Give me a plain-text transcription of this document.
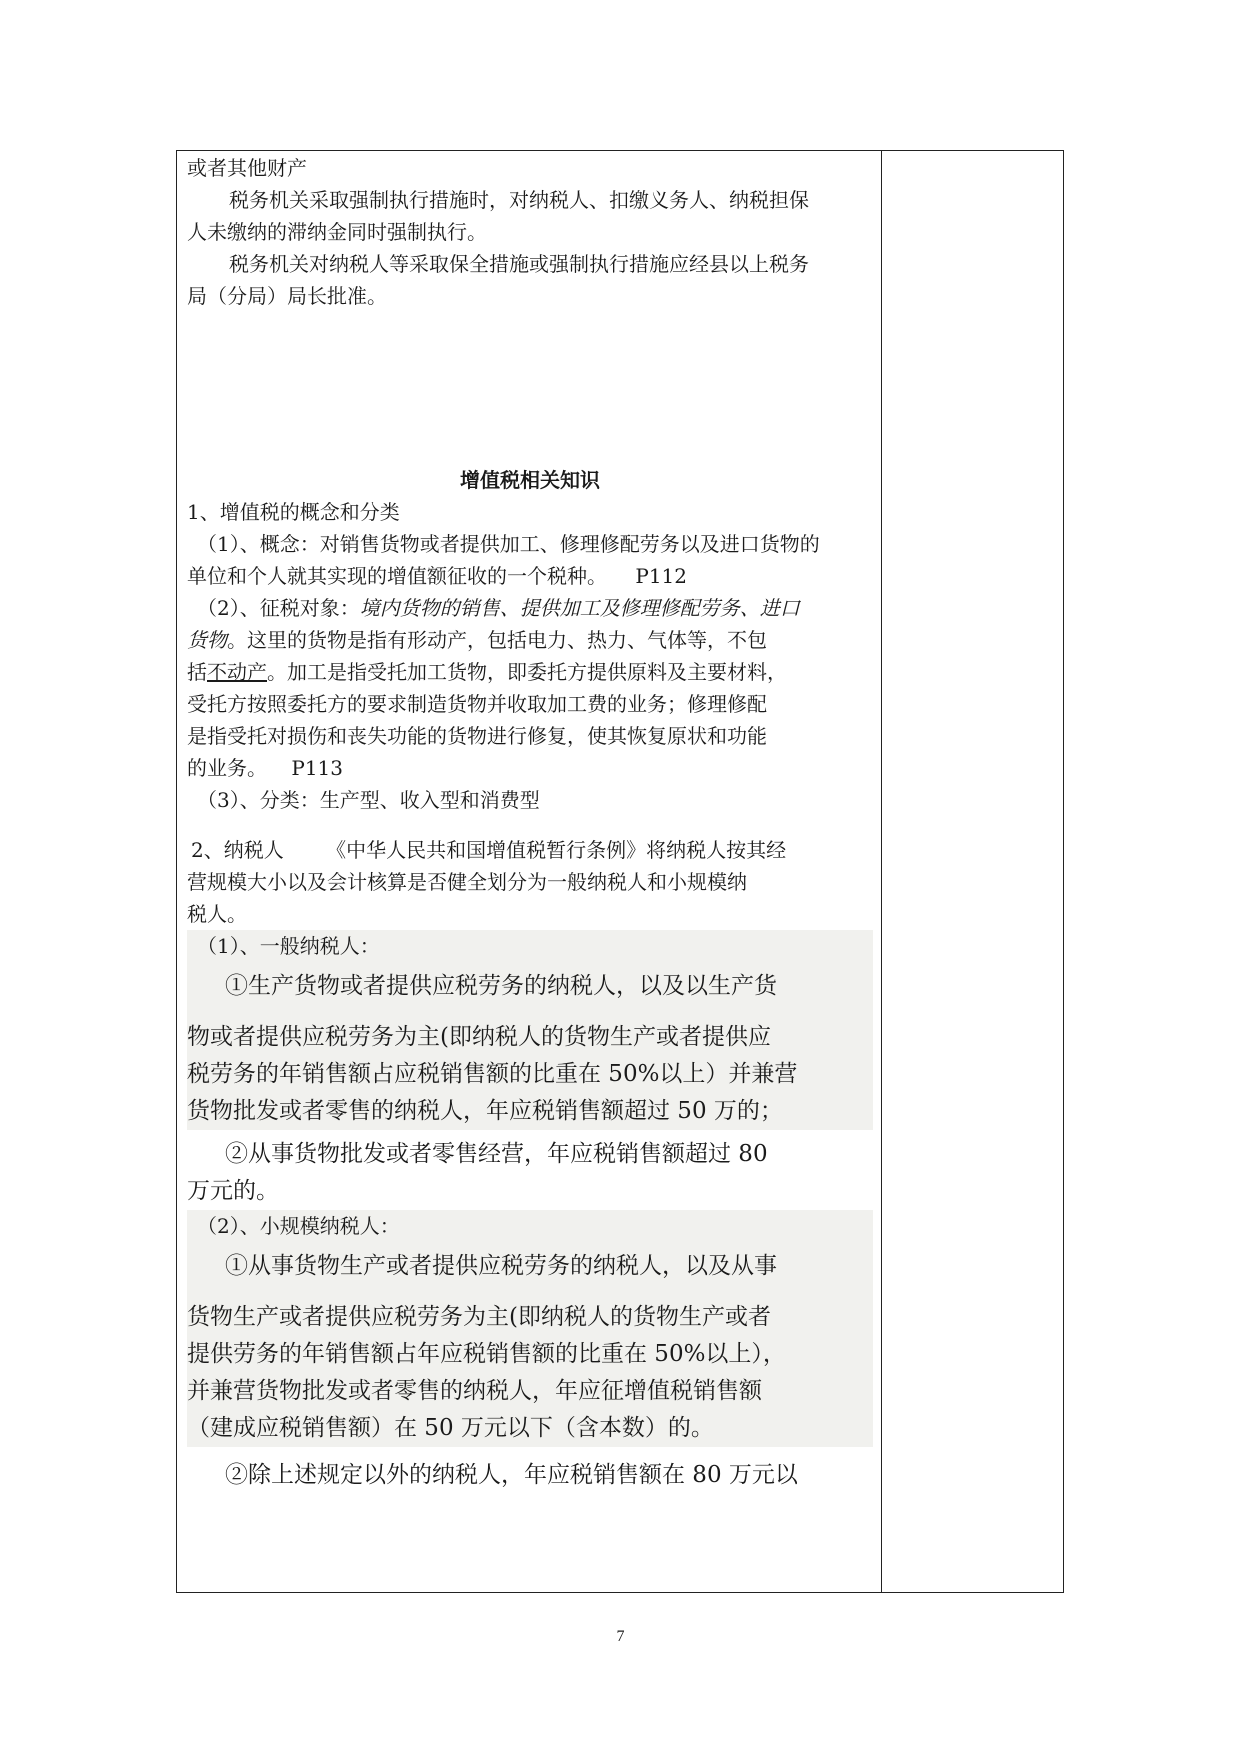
或者其他财产
税务机关采取强制执行措施时，对纳税人、扣缴义务人、纳税担保
人未缴纳的滞纳金同时强制执行。
税务机关对纳税人等采取保全措施或强制执行措施应经县以上税务
局（分局）局长批准。
增值税相关知识
1、增值税的概念和分类
（1）、概念：对销售货物或者提供加工、修理修配劳务以及进口货物的
单位和个人就其实现的增值额征收的一个税种。 P112
（2）、征税对象：境内货物的销售、提供加工及修理修配劳务、进口
货物。这里的货物是指有形动产，包括电力、热力、气体等，不包
括不动产。加工是指受托加工货物，即委托方提供原料及主要材料，
受托方按照委托方的要求制造货物并收取加工费的业务；修理修配
是指受托对损伤和丧失功能的货物进行修复，使其恢复原状和功能
的业务。 P113
（3）、分类：生产型、收入型和消费型
2、纳税人 《中华人民共和国增值税暂行条例》将纳税人按其经
营规模大小以及会计核算是否健全划分为一般纳税人和小规模纳
税人。
（1）、一般纳税人：
①生产货物或者提供应税劳务的纳税人，以及以生产货
物或者提供应税劳务为主(即纳税人的货物生产或者提供应
税劳务的年销售额占应税销售额的比重在 50%以上）并兼营
货物批发或者零售的纳税人，年应税销售额超过 50 万的；
②从事货物批发或者零售经营，年应税销售额超过 80
万元的。
（2）、小规模纳税人：
①从事货物生产或者提供应税劳务的纳税人，以及从事
货物生产或者提供应税劳务为主(即纳税人的货物生产或者
提供劳务的年销售额占年应税销售额的比重在 50%以上），
并兼营货物批发或者零售的纳税人，年应征增值税销售额
（建成应税销售额）在 50 万元以下（含本数）的。
②除上述规定以外的纳税人，年应税销售额在 80 万元以
7
